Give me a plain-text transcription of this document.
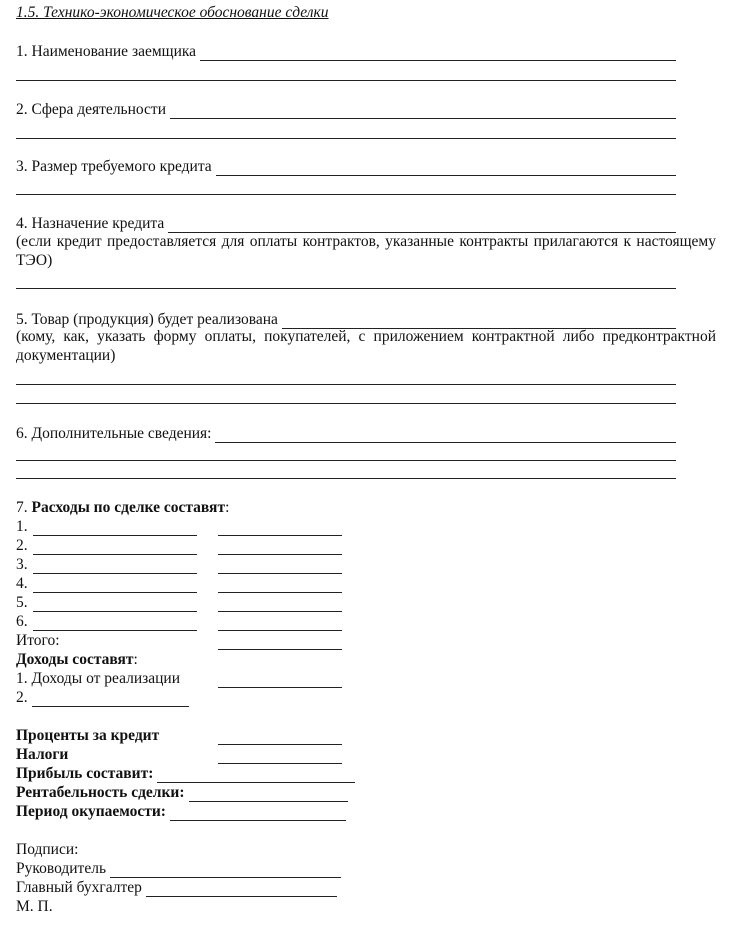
1.5. Технико-экономическое обоснование сделки
1. Наименование заемщика
2. Сфера деятельности
3. Размер требуемого кредита
4. Назначение кредита
(если кредит предоставляется для оплаты контрактов, указанные контракты прилагаются к настоящему ТЭО)
5. Товар (продукция) будет реализована
(кому, как, указать форму оплаты, покупателей, с приложением контрактной либо предконтрактной документации)
6. Дополнительные сведения:
7.
Расходы по сделке составят :
1.
2.
3.
4.
5.
6.
Итого:
Доходы составят :
1. Доходы от реализации
2.
Проценты за кредит
Налоги
Прибыль составит:
Рентабельность сделки:
Период окупаемости:
Подписи:
Руководитель
Главный бухгалтер
М. П.
